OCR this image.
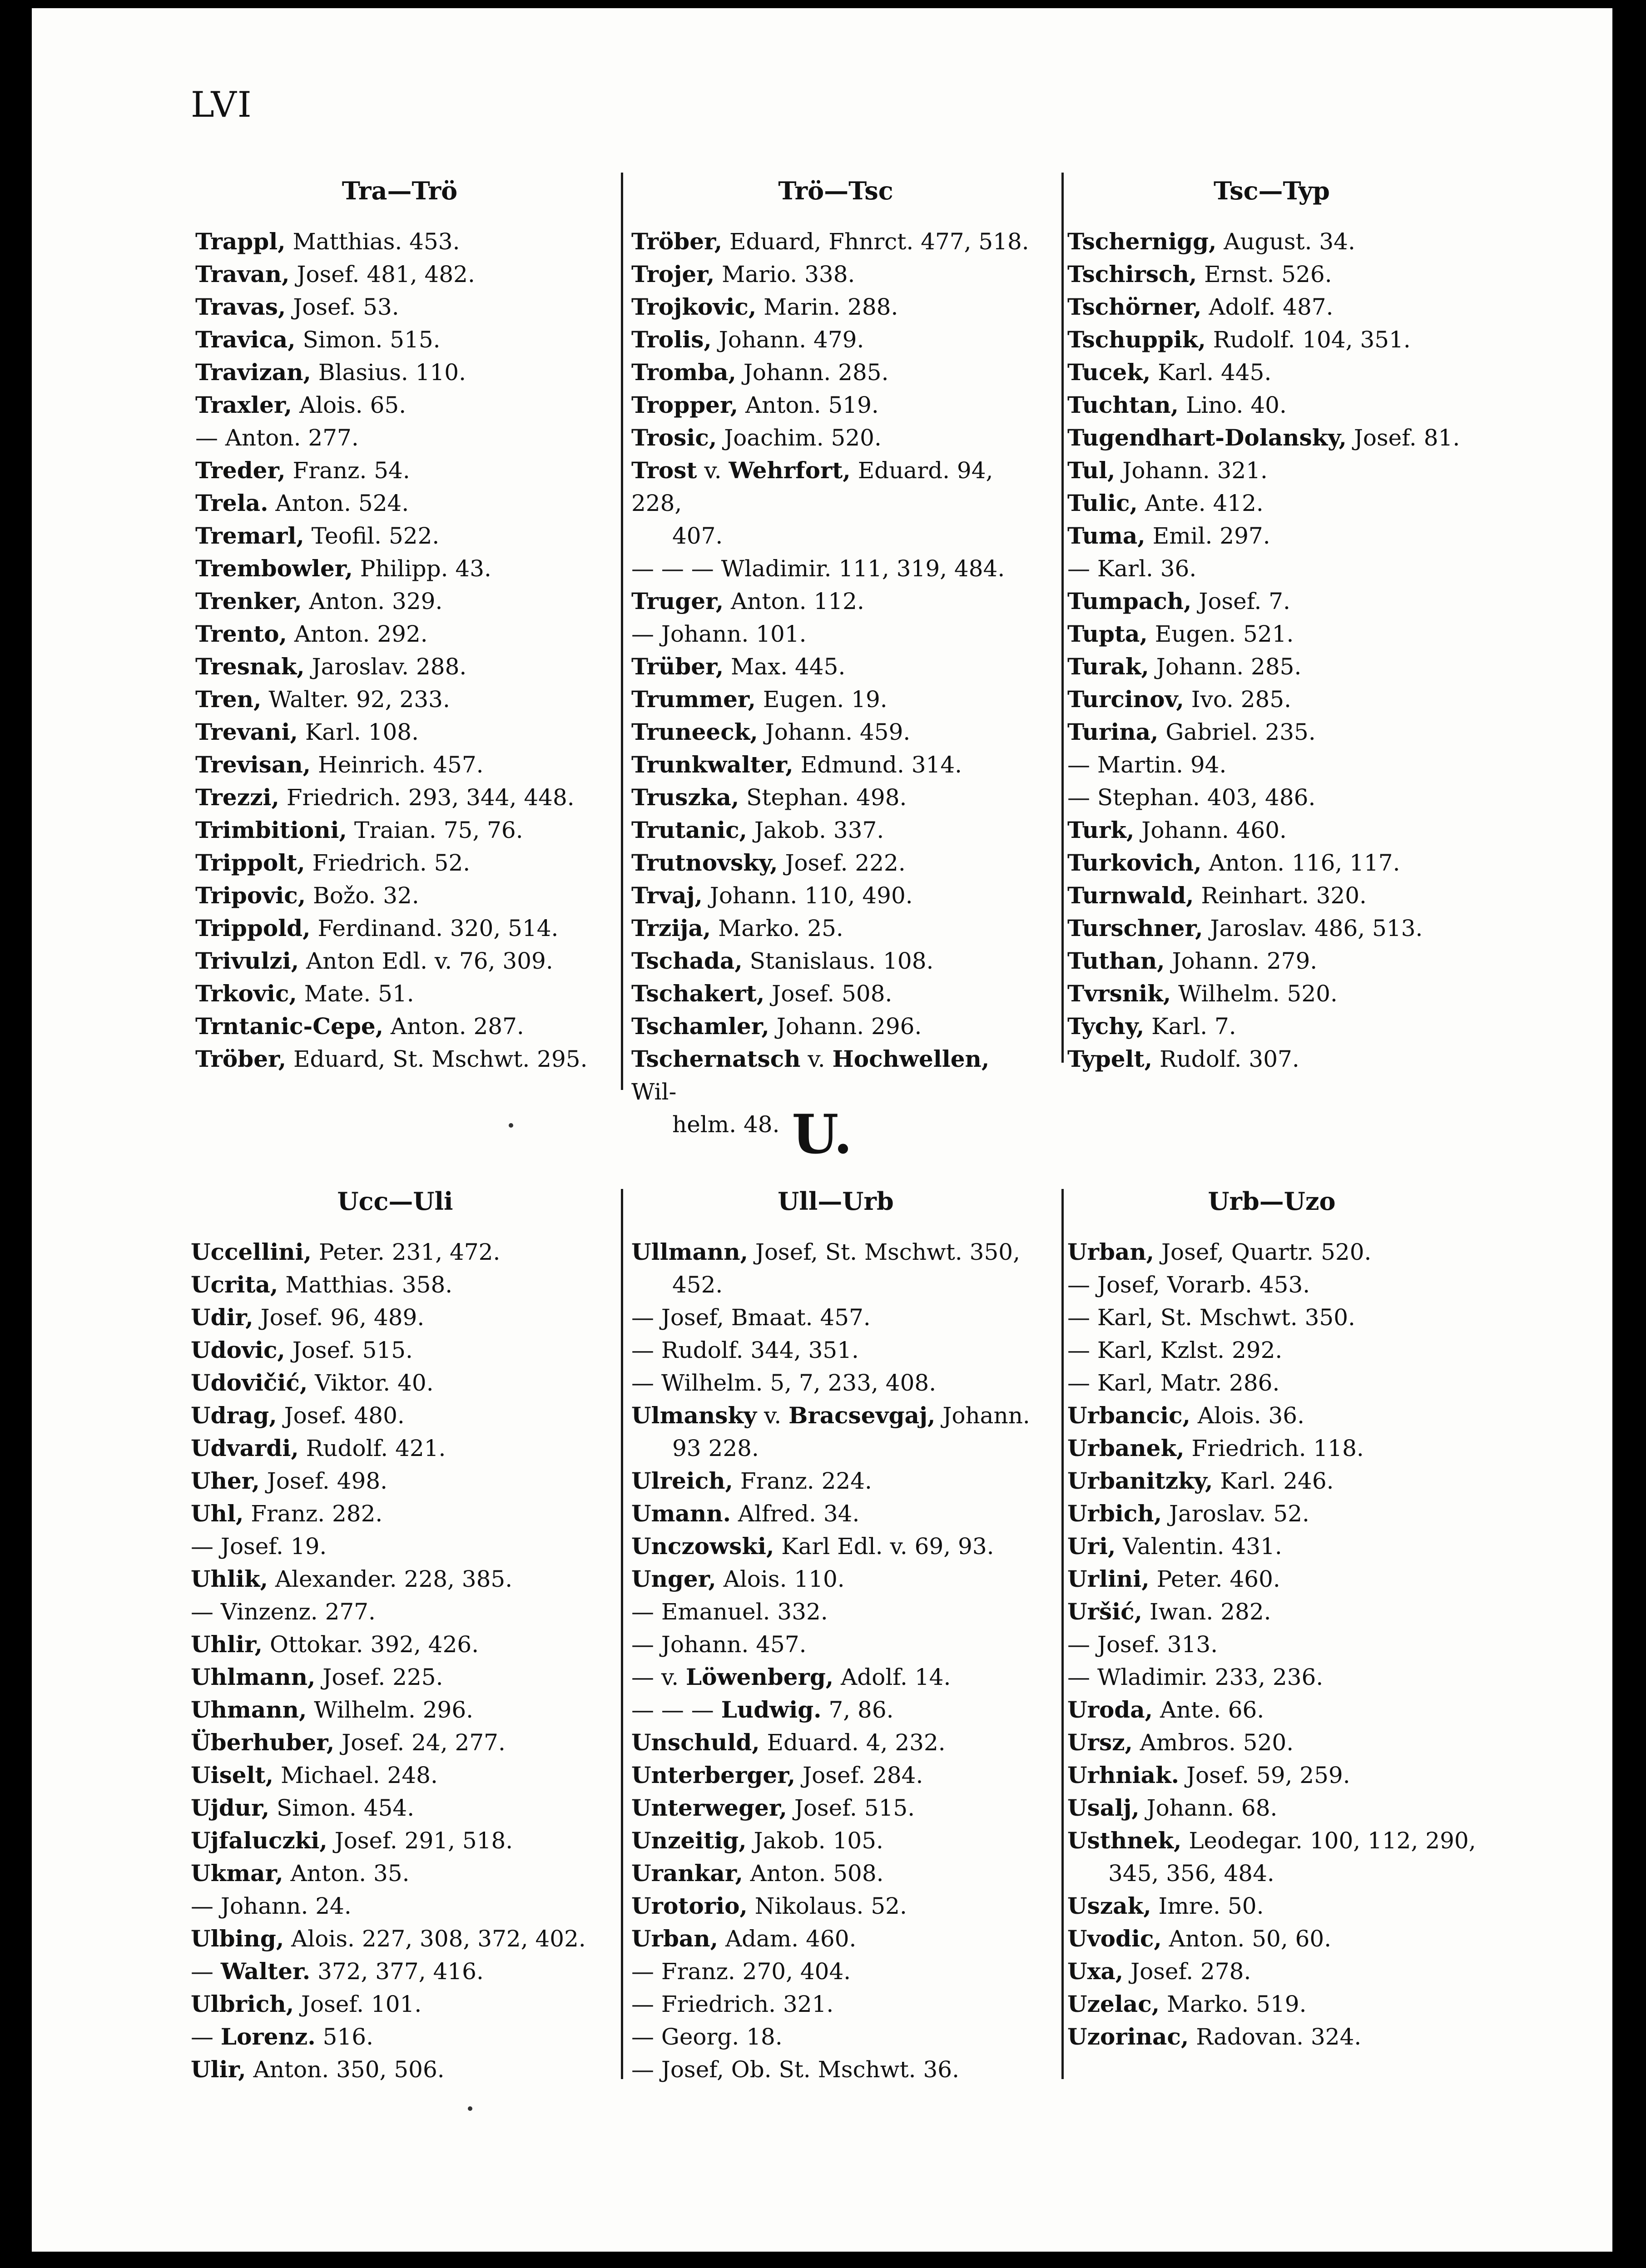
LVI
Tra—Trö

Trappl, Matthias. 453.

Travan, Josef. 481, 482.

Travas, Josef. 53.

Travica, Simon. 515.

Travizan, Blasius. 110.

Traxler, Alois. 65.

— Anton. 277.

Treder, Franz. 54.

Trela. Anton. 524.

Tremarl, Teofil. 522.

Trembowler, Philipp. 43.

Trenker, Anton. 329.

Trento, Anton. 292.

Tresnak, Jaroslav. 288.

Tren, Walter. 92, 233.

Trevani, Karl. 108.

Trevisan, Heinrich. 457.

Trezzi, Friedrich. 293, 344, 448.

Trimbitioni, Traian. 75, 76.

Trippolt, Friedrich. 52.

Tripovic, Božo. 32.

Trippold, Ferdinand. 320, 514.

Trivulzi, Anton Edl. v. 76, 309.

Trkovic, Mate. 51.

Trntanic-Cepe, Anton. 287.

Tröber, Eduard, St. Mschwt. 295.

Trö—Tsc

Tröber, Eduard, Fhnrct. 477, 518.

Trojer, Mario. 338.

Trojkovic, Marin. 288.

Trolis, Johann. 479.

Tromba, Johann. 285.

Tropper, Anton. 519.

Trosic, Joachim. 520.

Trost v. Wehrfort, Eduard. 94, 228,

407.

— — — Wladimir. 111, 319, 484.

Truger, Anton. 112.

— Johann. 101.

Trüber, Max. 445.

Trummer, Eugen. 19.

Truneeck, Johann. 459.

Trunkwalter, Edmund. 314.

Truszka, Stephan. 498.

Trutanic, Jakob. 337.

Trutnovsky, Josef. 222.

Trvaj, Johann. 110, 490.

Trzija, Marko. 25.

Tschada, Stanislaus. 108.

Tschakert, Josef. 508.

Tschamler, Johann. 296.

Tschernatsch v. Hochwellen, Wil-

helm. 48.

Tsc—Typ

Tschernigg, August. 34.

Tschirsch, Ernst. 526.

Tschörner, Adolf. 487.

Tschuppik, Rudolf. 104, 351.

Tucek, Karl. 445.

Tuchtan, Lino. 40.

Tugendhart-Dolansky, Josef. 81.

Tul, Johann. 321.

Tulic, Ante. 412.

Tuma, Emil. 297.

— Karl. 36.

Tumpach, Josef. 7.

Tupta, Eugen. 521.

Turak, Johann. 285.

Turcinov, Ivo. 285.

Turina, Gabriel. 235.

— Martin. 94.

— Stephan. 403, 486.

Turk, Johann. 460.

Turkovich, Anton. 116, 117.

Turnwald, Reinhart. 320.

Turschner, Jaroslav. 486, 513.

Tuthan, Johann. 279.

Tvrsnik, Wilhelm. 520.

Tychy, Karl. 7.

Typelt, Rudolf. 307.

U.
Ucc—Uli

Uccellini, Peter. 231, 472.

Ucrita, Matthias. 358.

Udir, Josef. 96, 489.

Udovic, Josef. 515.

Udovičić, Viktor. 40.

Udrag, Josef. 480.

Udvardi, Rudolf. 421.

Uher, Josef. 498.

Uhl, Franz. 282.

— Josef. 19.

Uhlik, Alexander. 228, 385.

— Vinzenz. 277.

Uhlir, Ottokar. 392, 426.

Uhlmann, Josef. 225.

Uhmann, Wilhelm. 296.

Überhuber, Josef. 24, 277.

Uiselt, Michael. 248.

Ujdur, Simon. 454.

Ujfaluczki, Josef. 291, 518.

Ukmar, Anton. 35.

— Johann. 24.

Ulbing, Alois. 227, 308, 372, 402.

— Walter. 372, 377, 416.

Ulbrich, Josef. 101.

— Lorenz. 516.

Ulir, Anton. 350, 506.

Ull—Urb

Ullmann, Josef, St. Mschwt. 350,

452.

— Josef, Bmaat. 457.

— Rudolf. 344, 351.

— Wilhelm. 5, 7, 233, 408.

Ulmansky v. Bracsevgaj, Johann.

93 228.

Ulreich, Franz. 224.

Umann. Alfred. 34.

Unczowski, Karl Edl. v. 69, 93.

Unger, Alois. 110.

— Emanuel. 332.

— Johann. 457.

— v. Löwenberg, Adolf. 14.

— — — Ludwig. 7, 86.

Unschuld, Eduard. 4, 232.

Unterberger, Josef. 284.

Unterweger, Josef. 515.

Unzeitig, Jakob. 105.

Urankar, Anton. 508.

Urotorio, Nikolaus. 52.

Urban, Adam. 460.

— Franz. 270, 404.

— Friedrich. 321.

— Georg. 18.

— Josef, Ob. St. Mschwt. 36.

Urb—Uzo

Urban, Josef, Quartr. 520.

— Josef, Vorarb. 453.

— Karl, St. Mschwt. 350.

— Karl, Kzlst. 292.

— Karl, Matr. 286.

Urbancic, Alois. 36.

Urbanek, Friedrich. 118.

Urbanitzky, Karl. 246.

Urbich, Jaroslav. 52.

Uri, Valentin. 431.

Urlini, Peter. 460.

Uršić, Iwan. 282.

— Josef. 313.

— Wladimir. 233, 236.

Uroda, Ante. 66.

Ursz, Ambros. 520.

Urhniak. Josef. 59, 259.

Usalj, Johann. 68.

Usthnek, Leodegar. 100, 112, 290,

345, 356, 484.

Uszak, Imre. 50.

Uvodic, Anton. 50, 60.

Uxa, Josef. 278.

Uzelac, Marko. 519.

Uzorinac, Radovan. 324.
